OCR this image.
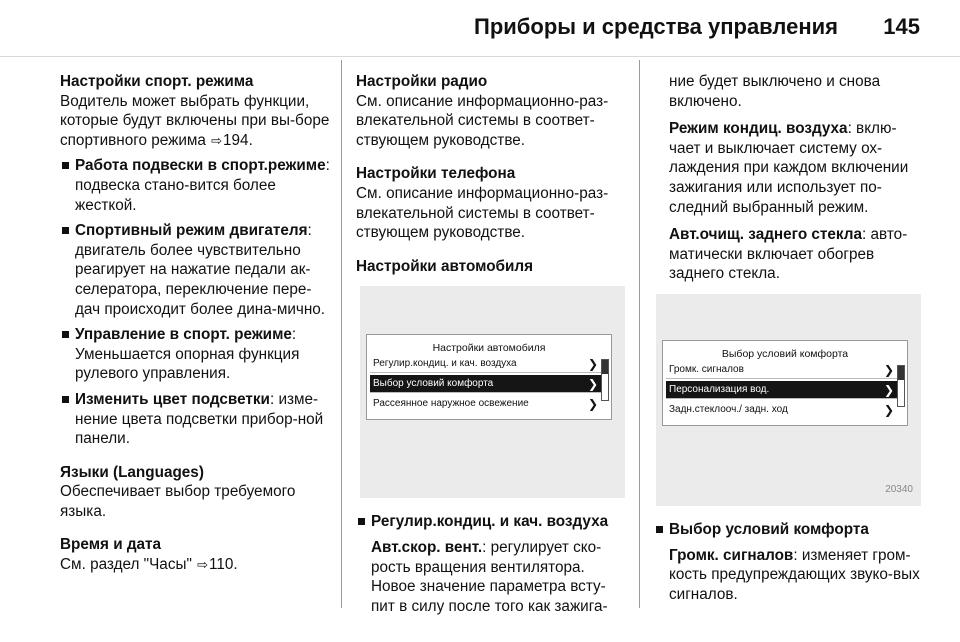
Приборы и средства управления 145

Настройки спорт. режима

Водитель может выбрать функции, которые будут включены при вы-боре спортивного режима ⇨194.

Работа подвески в спорт.режиме: подвеска стано-вится более жесткой.

Спортивный режим двигателя: двигатель более чувствительно реагирует на нажатие педали ак-селератора, переключение пере-дач происходит более дина-мично.

Управление в спорт. режиме: Уменьшается опорная функция рулевого управления.

Изменить цвет подсветки: изме-нение цвета подсветки прибор-ной панели.

Языки (Languages)

Обеспечивает выбор требуемого языка.

Время и дата

См. раздел "Часы" ⇨110.

Настройки радио

См. описание информационно-раз-влекательной системы в соответ-ствующем руководстве.

Настройки телефона

См. описание информационно-раз-влекательной системы в соответ-ствующем руководстве.

Настройки автомобиля

Настройки автомобиля
Регулир.кондиц. и кач. воздуха	❯
Выбор условий комфорта	❯
Рассеянное наружное освежение	❯

Регулир.кондиц. и кач. воздуха

Авт.скор. вент.: регулирует ско-рость вращения вентилятора. Новое значение параметра всту-пит в силу после того как зажига-

ние будет выключено и снова включено.

Режим кондиц. воздуха: вклю-чает и выключает систему ох-лаждения при каждом включении зажигания или использует по-следний выбранный режим.

Авт.очищ. заднего стекла: авто-матически включает обогрев заднего стекла.

Выбор условий комфорта
Громк. сигналов	❯
Персонализация вод.	❯
Задн.стеклооч./ задн. ход	❯
20340

Выбор условий комфорта

Громк. сигналов: изменяет гром-кость предупреждающих звуко-вых сигналов.
